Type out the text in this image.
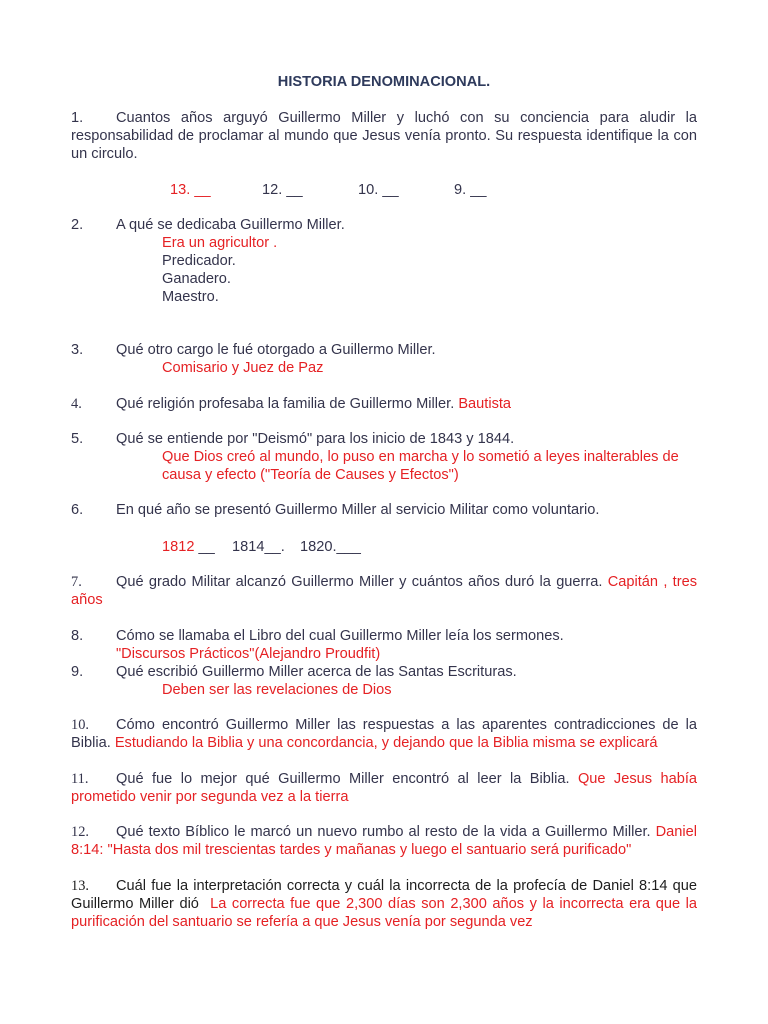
HISTORIA DENOMINACIONAL.
1. Cuantos años arguyó Guillermo Miller y luchó con su conciencia para aludir la responsabilidad de proclamar al mundo que Jesus venía pronto. Su respuesta identifique la con un circulo.
13. __	12. __	10. __	9. __
2. A qué se dedicaba Guillermo Miller.
Era un agricultor .
Predicador.
Ganadero.
Maestro.
3. Qué otro cargo le fué otorgado a Guillermo Miller.
Comisario y Juez de Paz
4. Qué religión profesaba la familia de Guillermo Miller. Bautista
5. Qué se entiende por "Deismó" para los inicio de 1843 y 1844.
Que Dios creó al mundo, lo puso en marcha y lo sometió a leyes inalterables de
causa y efecto ("Teoría de Causes y Efectos")
6. En qué año se presentó Guillermo Miller al servicio Militar como voluntario.
1812 __ 1814__. 1820.___
7. Qué grado Militar alcanzó Guillermo Miller y cuántos años duró la guerra. Capitán , tres años
8. Cómo se llamaba el Libro del cual Guillermo Miller leía los sermones.
"Discursos Prácticos"(Alejandro Proudfit)
9. Qué escribió Guillermo Miller acerca de las Santas Escrituras.
Deben ser las revelaciones de Dios
10. Cómo encontró Guillermo Miller las respuestas a las aparentes contradicciones de la Biblia. Estudiando la Biblia y una concordancia, y dejando que la Biblia misma se explicará
11. Qué fue lo mejor qué Guillermo Miller encontró al leer la Biblia. Que Jesus había prometido venir por segunda vez a la tierra
12. Qué texto Bíblico le marcó un nuevo rumbo al resto de la vida a Guillermo Miller. Daniel 8:14: "Hasta dos mil trescientas tardes y mañanas y luego el santuario será purificado"
13. Cuál fue la interpretación correcta y cuál la incorrecta de la profecía de Daniel 8:14 que Guillermo Miller dió La correcta fue que 2,300 días son 2,300 años y la incorrecta era que la purificación del santuario se refería a que Jesus venía por segunda vez
